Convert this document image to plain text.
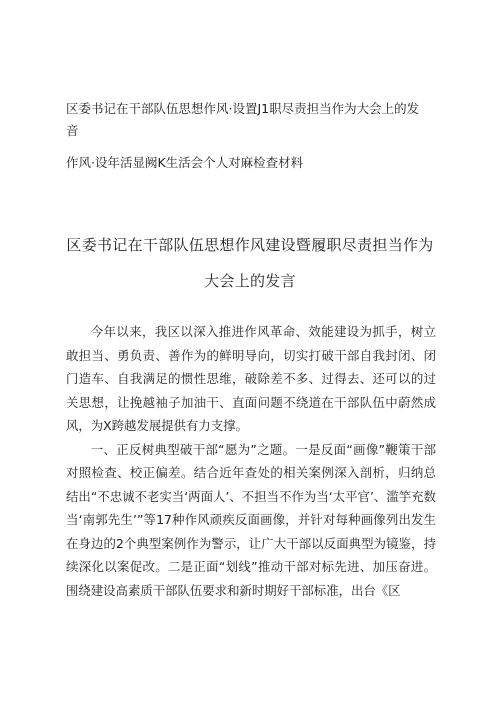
区委书记在干部队伍思想作风·设置J1职尽责担当作为大会上的发音

作风·设年活显阙K生活会个人对麻检查材料

区委书记在干部队伍思想作风建设暨履职尽责担当作为

大会上的发言

今年以来，我区以深入推进作风革命、效能建设为抓手，树立敢担当、勇负责、善作为的鲜明导向，切实打破干部自我封闭、闭门造车、自我满足的惯性思维，破除差不多、过得去、还可以的过关思想，让挽越袖子加油干、直面问题不绕道在干部队伍中蔚然成风，为X跨越发展提供有力支撑。

一、正反树典型破干部“愿为”之题。一是反面“画像”鞭策干部对照检查、校正偏差。结合近年查处的相关案例深入剖析，归纳总结出“不忠诚不老实当‘两面人’、不担当不作为当‘太平官’、滥竽充数当‘南郭先生’”等17种作风顽疾反面画像，并针对每种画像列出发生在身边的2个典型案例作为警示，让广大干部以反面典型为镜鉴，持续深化以案促改。二是正面“划线”推动干部对标先进、加压奋进。围绕建设高素质干部队伍要求和新时期好干部标准，出台《区
